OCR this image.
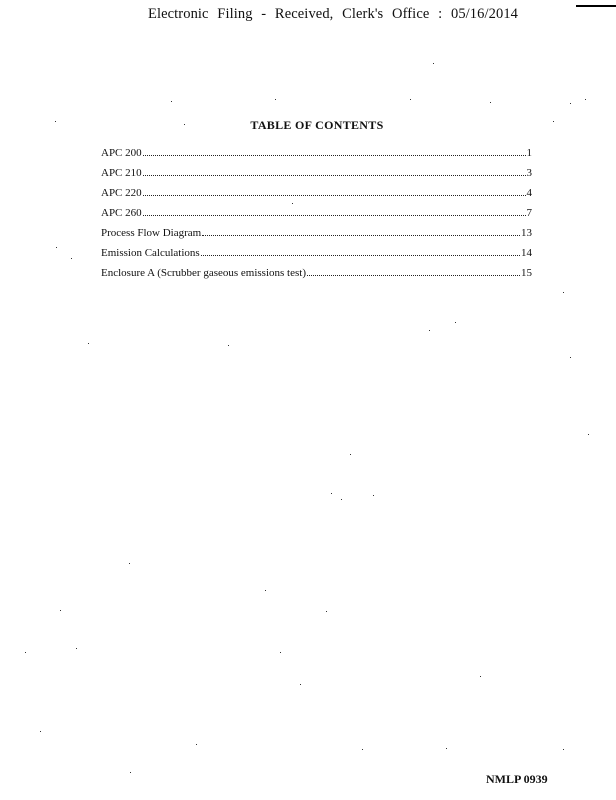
Electronic Filing - Received, Clerk's Office : 05/16/2014
TABLE OF CONTENTS
APC 200	1
APC 210	3
APC 220	4
APC 260	7
Process Flow Diagram	13
Emission Calculations	14
Enclosure A (Scrubber gaseous emissions test)	15
NMLP 0939
